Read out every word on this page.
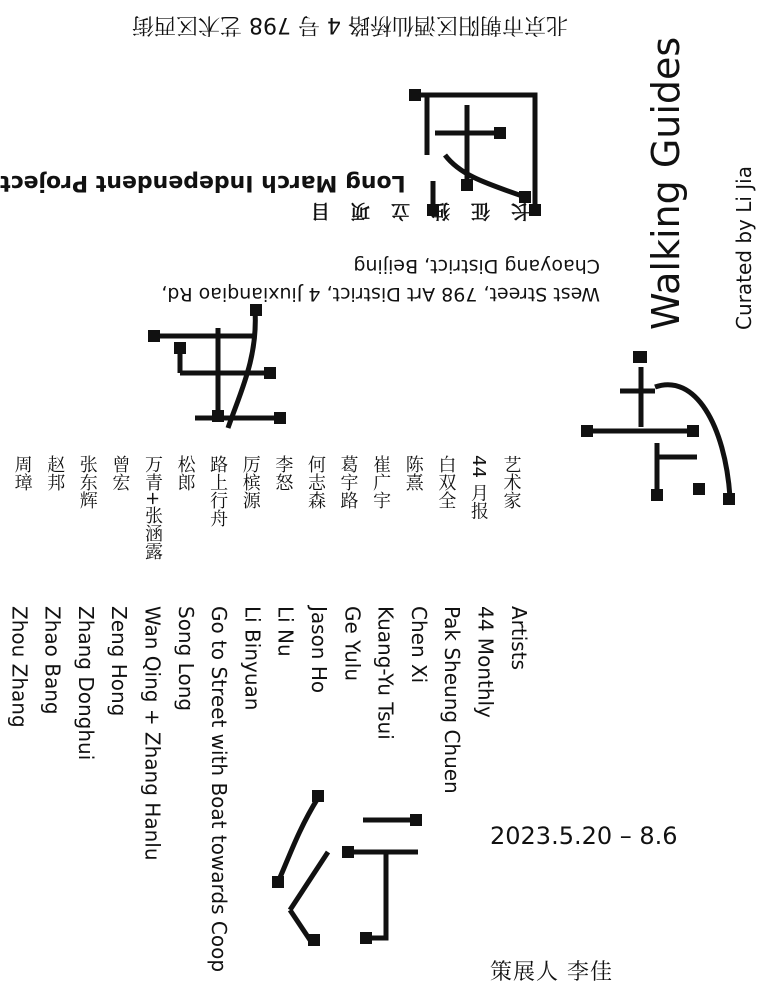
Walking Guides Curated by Li Jia
West Street, 798 Art District, 4 Jiuxianqiao Rd,
Chaoyang District, Beijing
长征独立项目
Long March Independent Project
北京市朝阳区酒仙桥路 4 号 798 艺术区西街
艺术家
44 月报
白双全
陈熹
崔广宇
葛宇路
何志森
李怒
厉槟源
路上行舟
松郎
万青+张涵露
曾宏
张东辉
赵邦
周璋
Artists
44 Monthly
Pak Sheung Chuen
Chen Xi
Kuang-Yu Tsui
Ge Yulu
Jason Ho
Li Nu
Li Binyuan
Go to Street with Boat towards Coop
Song Long
Wan Qing + Zhang Hanlu
Zeng Hong
Zhang Donghui
Zhao Bang
Zhou Zhang
2023.5.20 – 8.6
策展人 李佳
